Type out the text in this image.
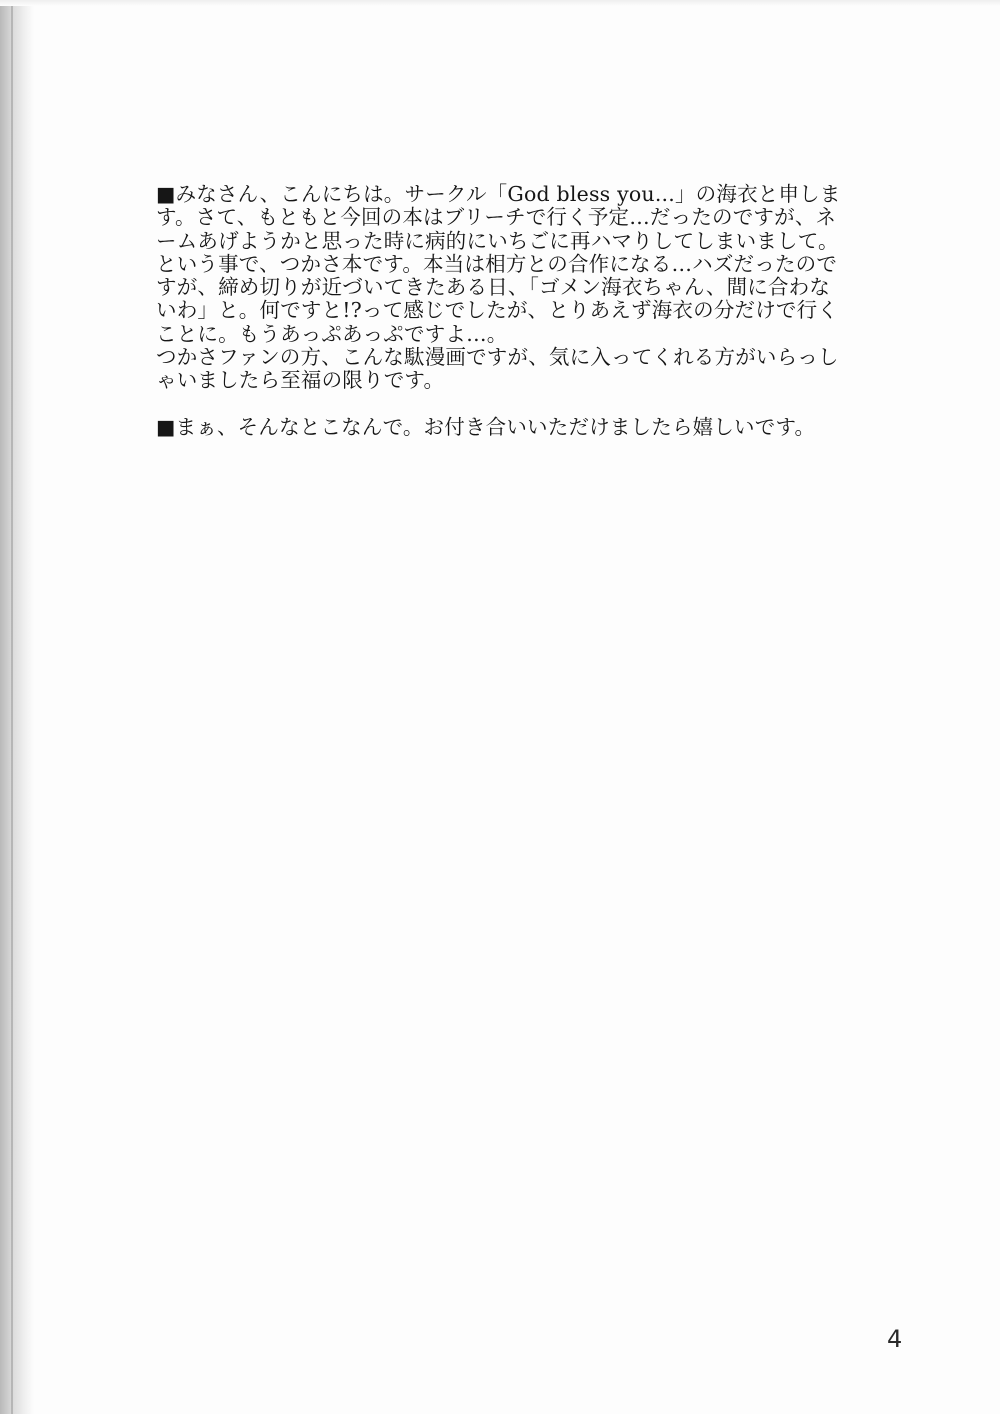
■みなさん、こんにちは。サークル「God bless you...」の海衣と申しま
す。さて、もともと今回の本はブリーチで行く予定…だったのですが、ネ
ームあげようかと思った時に病的にいちごに再ハマりしてしまいまして。
という事で、つかさ本です。本当は相方との合作になる…ハズだったので
すが、締め切りが近づいてきたある日、「ゴメン海衣ちゃん、間に合わな
いわ」と。何ですと!?って感じでしたが、とりあえず海衣の分だけで行く
ことに。もうあっぷあっぷですよ…。
つかさファンの方、こんな駄漫画ですが、気に入ってくれる方がいらっし
ゃいましたら至福の限りです。
■まぁ、そんなとこなんで。お付き合いいただけましたら嬉しいです。
4
